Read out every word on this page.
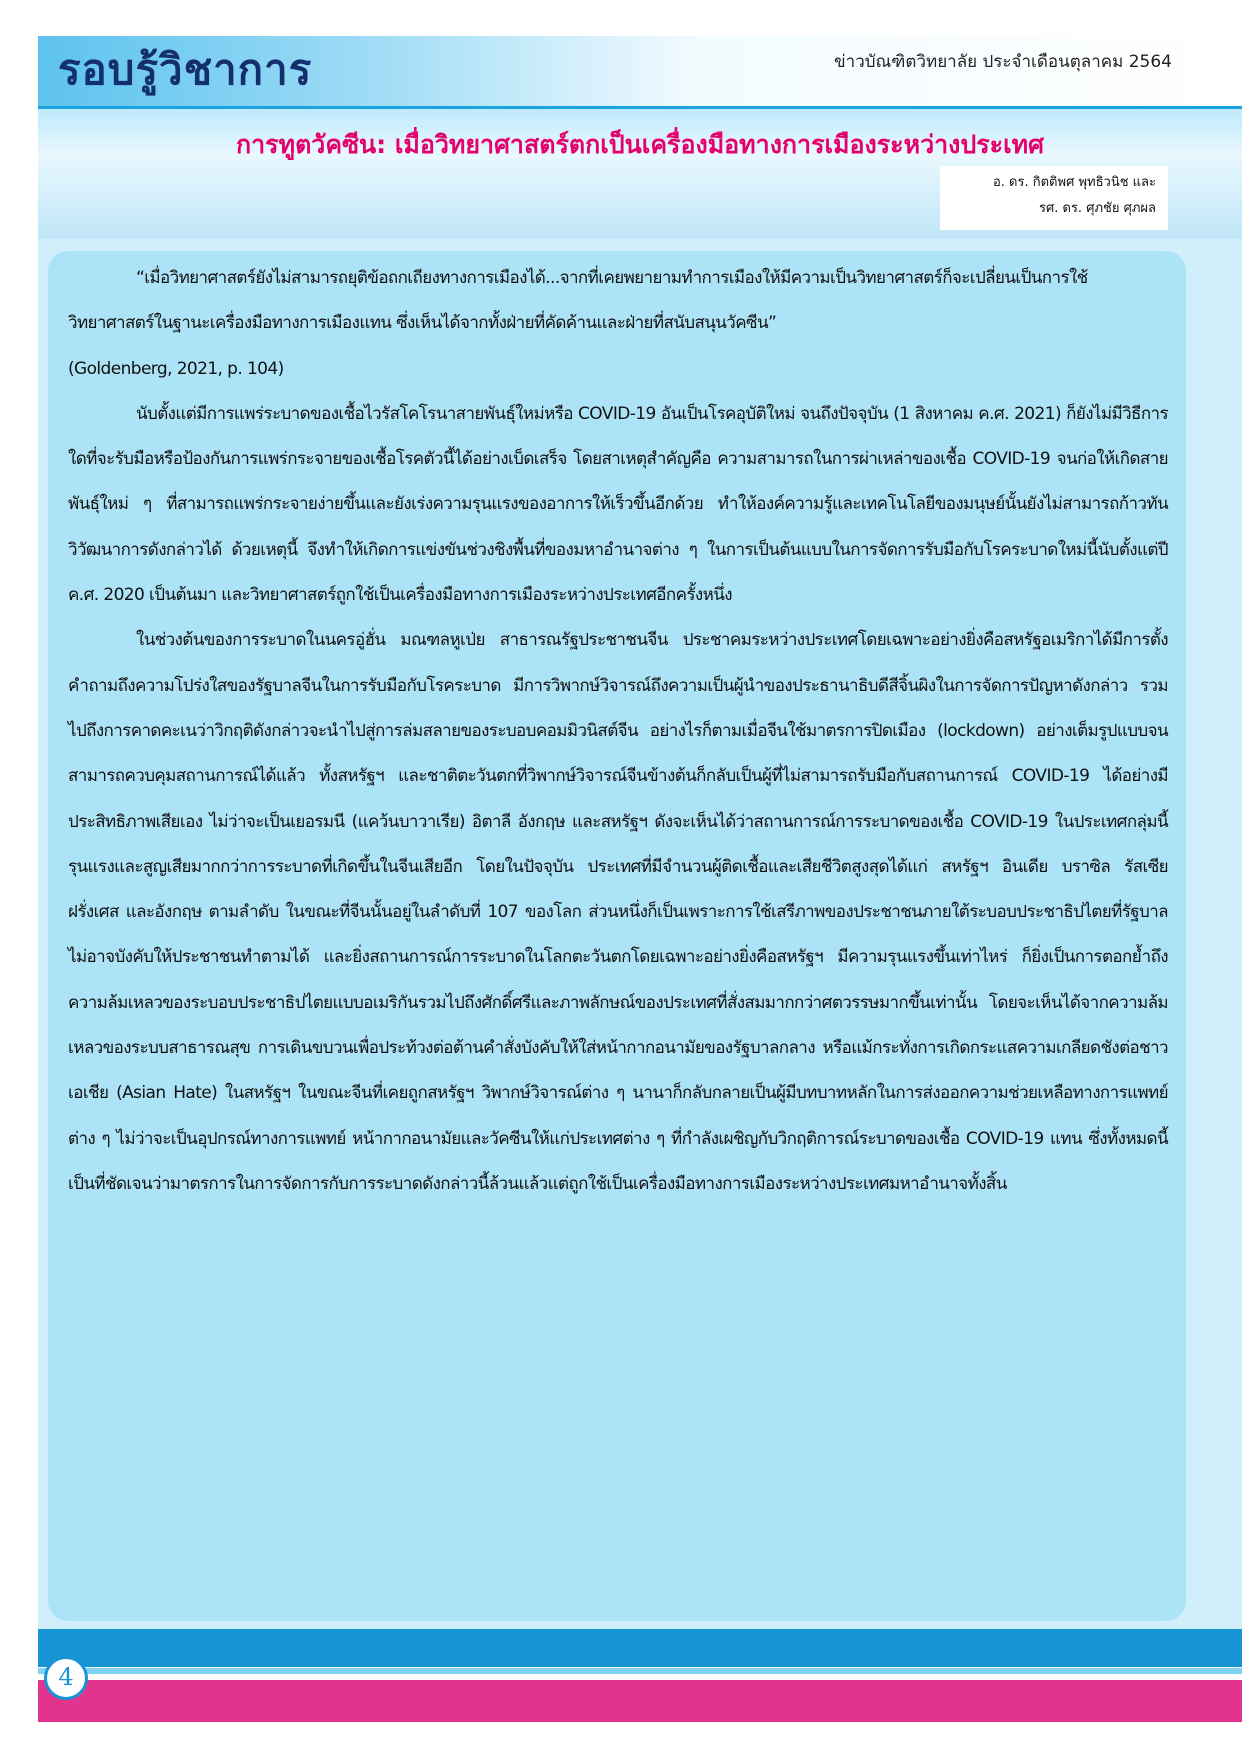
รอบรู้วิชาการ	ข่าวบัณฑิตวิทยาลัย ประจำเดือนตุลาคม 2564

การทูตวัคซีน: เมื่อวิทยาศาสตร์ตกเป็นเครื่องมือทางการเมืองระหว่างประเทศ
อ. ดร. กิตติพศ พุทธิวนิช และ
รศ. ดร. ศุภชัย ศุภผล

“เมื่อวิทยาศาสตร์ยังไม่สามารถยุติข้อถกเถียงทางการเมืองได้...จากที่เคยพยายามทำการเมืองให้มีความเป็นวิทยาศาสตร์ก็จะเปลี่ยนเป็นการใช้วิทยาศาสตร์ในฐานะเครื่องมือทางการเมืองแทน ซึ่งเห็นได้จากทั้งฝ่ายที่คัดค้านและฝ่ายที่สนับสนุนวัคซีน”

(Goldenberg, 2021, p. 104)

นับตั้งแต่มีการแพร่ระบาดของเชื้อไวรัสโคโรนาสายพันธุ์ใหม่หรือ COVID-19 อันเป็นโรคอุบัติใหม่ จนถึงปัจจุบัน (1 สิงหาคม ค.ศ. 2021) ก็ยังไม่มีวิธีการใดที่จะรับมือหรือป้องกันการแพร่กระจายของเชื้อโรคตัวนี้ได้อย่างเบ็ดเสร็จ โดยสาเหตุสำคัญคือ ความสามารถในการผ่าเหล่าของเชื้อ COVID-19 จนก่อให้เกิดสายพันธุ์ใหม่ ๆ ที่สามารถแพร่กระจายง่ายขึ้นและยังเร่งความรุนแรงของอาการให้เร็วขึ้นอีกด้วย ทำให้องค์ความรู้และเทคโนโลยีของมนุษย์นั้นยังไม่สามารถก้าวทันวิวัฒนาการดังกล่าวได้ ด้วยเหตุนี้ จึงทำให้เกิดการแข่งขันช่วงชิงพื้นที่ของมหาอำนาจต่าง ๆ ในการเป็นต้นแบบในการจัดการรับมือกับโรคระบาดใหม่นี้นับตั้งแต่ปี ค.ศ. 2020 เป็นต้นมา และวิทยาศาสตร์ถูกใช้เป็นเครื่องมือทางการเมืองระหว่างประเทศอีกครั้งหนึ่ง

ในช่วงต้นของการระบาดในนครอู่ฮั่น มณฑลหูเป่ย สาธารณรัฐประชาชนจีน ประชาคมระหว่างประเทศโดยเฉพาะอย่างยิ่งคือสหรัฐอเมริกาได้มีการตั้งคำถามถึงความโปร่งใสของรัฐบาลจีนในการรับมือกับโรคระบาด มีการวิพากษ์วิจารณ์ถึงความเป็นผู้นำของประธานาธิบดีสีจิ้นผิงในการจัดการปัญหาดังกล่าว รวมไปถึงการคาดคะเนว่าวิกฤติดังกล่าวจะนำไปสู่การล่มสลายของระบอบคอมมิวนิสต์จีน อย่างไรก็ตามเมื่อจีนใช้มาตรการปิดเมือง (lockdown) อย่างเต็มรูปแบบจนสามารถควบคุมสถานการณ์ได้แล้ว ทั้งสหรัฐฯ และชาติตะวันตกที่วิพากษ์วิจารณ์จีนข้างต้นก็กลับเป็นผู้ที่ไม่สามารถรับมือกับสถานการณ์ COVID-19 ได้อย่างมีประสิทธิภาพเสียเอง ไม่ว่าจะเป็นเยอรมนี (แคว้นบาวาเรีย) อิตาลี อังกฤษ และสหรัฐฯ ดังจะเห็นได้ว่าสถานการณ์การระบาดของเชื้อ COVID-19 ในประเทศกลุ่มนี้รุนแรงและสูญเสียมากกว่าการระบาดที่เกิดขึ้นในจีนเสียอีก โดยในปัจจุบัน ประเทศที่มีจำนวนผู้ติดเชื้อและเสียชีวิตสูงสุดได้แก่ สหรัฐฯ อินเดีย บราซิล รัสเซีย ฝรั่งเศส และอังกฤษ ตามลำดับ ในขณะที่จีนนั้นอยู่ในลำดับที่ 107 ของโลก ส่วนหนึ่งก็เป็นเพราะการใช้เสรีภาพของประชาชนภายใต้ระบอบประชาธิปไตยที่รัฐบาลไม่อาจบังคับให้ประชาชนทำตามได้ และยิ่งสถานการณ์การระบาดในโลกตะวันตกโดยเฉพาะอย่างยิ่งคือสหรัฐฯ มีความรุนแรงขึ้นเท่าไหร่ ก็ยิ่งเป็นการตอกย้ำถึงความล้มเหลวของระบอบประชาธิปไตยแบบอเมริกันรวมไปถึงศักดิ์ศรีและภาพลักษณ์ของประเทศที่สั่งสมมากกว่าศตวรรษมากขึ้นเท่านั้น โดยจะเห็นได้จากความล้มเหลวของระบบสาธารณสุข การเดินขบวนเพื่อประท้วงต่อต้านคำสั่งบังคับให้ใส่หน้ากากอนามัยของรัฐบาลกลาง หรือแม้กระทั่งการเกิดกระแสความเกลียดชังต่อชาวเอเชีย (Asian Hate) ในสหรัฐฯ ในขณะจีนที่เคยถูกสหรัฐฯ วิพากษ์วิจารณ์ต่าง ๆ นานาก็กลับกลายเป็นผู้มีบทบาทหลักในการส่งออกความช่วยเหลือทางการแพทย์ต่าง ๆ ไม่ว่าจะเป็นอุปกรณ์ทางการแพทย์ หน้ากากอนามัยและวัคซีนให้แก่ประเทศต่าง ๆ ที่กำลังเผชิญกับวิกฤติการณ์ระบาดของเชื้อ COVID-19 แทน ซึ่งทั้งหมดนี้เป็นที่ชัดเจนว่ามาตรการในการจัดการกับการระบาดดังกล่าวนี้ล้วนแล้วแต่ถูกใช้เป็นเครื่องมือทางการเมืองระหว่างประเทศมหาอำนาจทั้งสิ้น

4
